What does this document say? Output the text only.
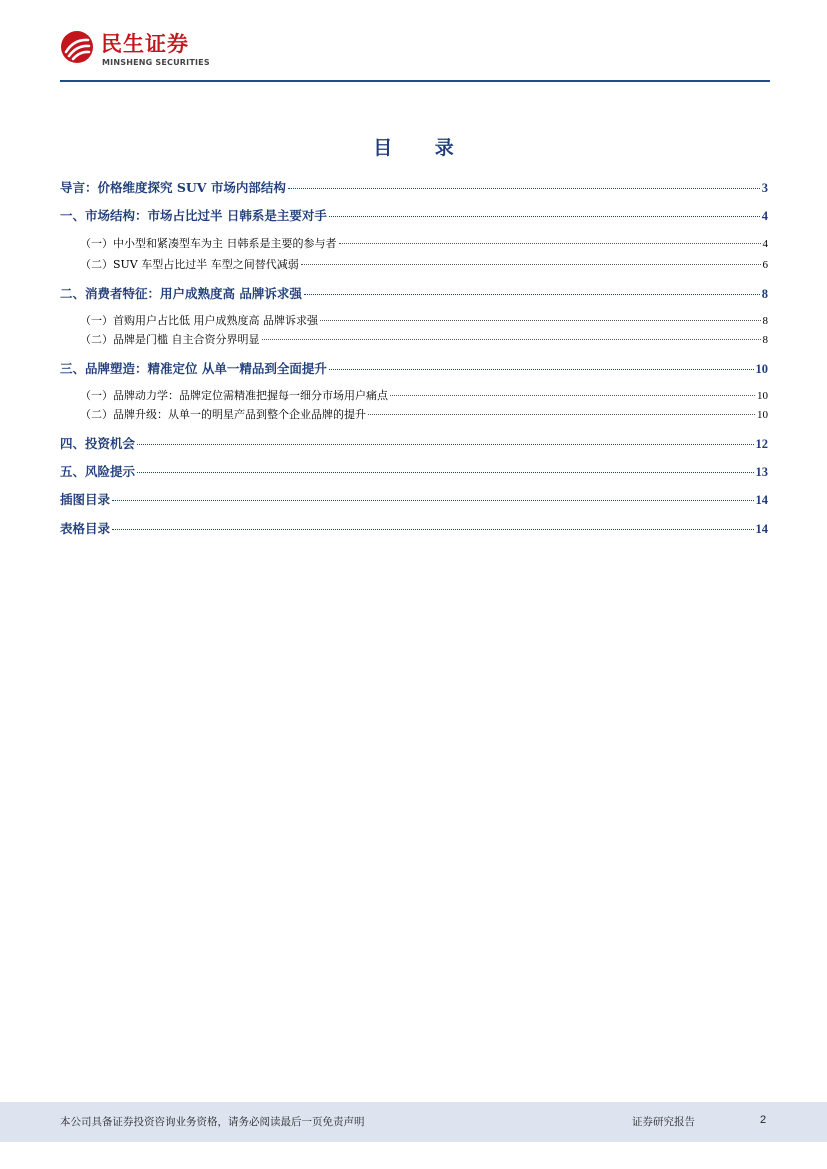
民生证券
MINSHENG SECURITIES
目 录
导言：价格维度探究 SUV 市场内部结构	3
一、市场结构：市场占比过半 日韩系是主要对手	4
（一）中小型和紧凑型车为主 日韩系是主要的参与者	4
（二）SUV 车型占比过半 车型之间替代减弱	6
二、消费者特征：用户成熟度高 品牌诉求强	8
（一）首购用户占比低 用户成熟度高 品牌诉求强	8
（二）品牌是门槛 自主合资分界明显	8
三、品牌塑造：精准定位 从单一精品到全面提升	10
（一）品牌动力学：品牌定位需精准把握每一细分市场用户痛点	10
（二）品牌升级：从单一的明星产品到整个企业品牌的提升	10
四、投资机会	12
五、风险提示	13
插图目录	14
表格目录	14
本公司具备证券投资咨询业务资格，请务必阅读最后一页免责声明	证券研究报告	2
